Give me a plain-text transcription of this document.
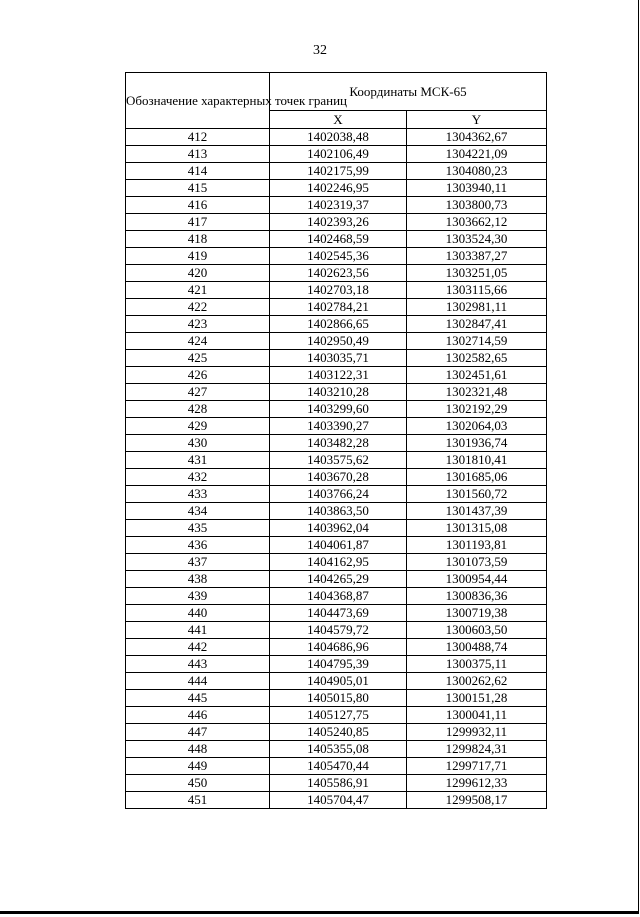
32
Обозначение характерных точек границ	Координаты МСК-65	
	X	Y
412	1402038,48	1304362,67
413	1402106,49	1304221,09
414	1402175,99	1304080,23
415	1402246,95	1303940,11
416	1402319,37	1303800,73
417	1402393,26	1303662,12
418	1402468,59	1303524,30
419	1402545,36	1303387,27
420	1402623,56	1303251,05
421	1402703,18	1303115,66
422	1402784,21	1302981,11
423	1402866,65	1302847,41
424	1402950,49	1302714,59
425	1403035,71	1302582,65
426	1403122,31	1302451,61
427	1403210,28	1302321,48
428	1403299,60	1302192,29
429	1403390,27	1302064,03
430	1403482,28	1301936,74
431	1403575,62	1301810,41
432	1403670,28	1301685,06
433	1403766,24	1301560,72
434	1403863,50	1301437,39
435	1403962,04	1301315,08
436	1404061,87	1301193,81
437	1404162,95	1301073,59
438	1404265,29	1300954,44
439	1404368,87	1300836,36
440	1404473,69	1300719,38
441	1404579,72	1300603,50
442	1404686,96	1300488,74
443	1404795,39	1300375,11
444	1404905,01	1300262,62
445	1405015,80	1300151,28
446	1405127,75	1300041,11
447	1405240,85	1299932,11
448	1405355,08	1299824,31
449	1405470,44	1299717,71
450	1405586,91	1299612,33
451	1405704,47	1299508,17
